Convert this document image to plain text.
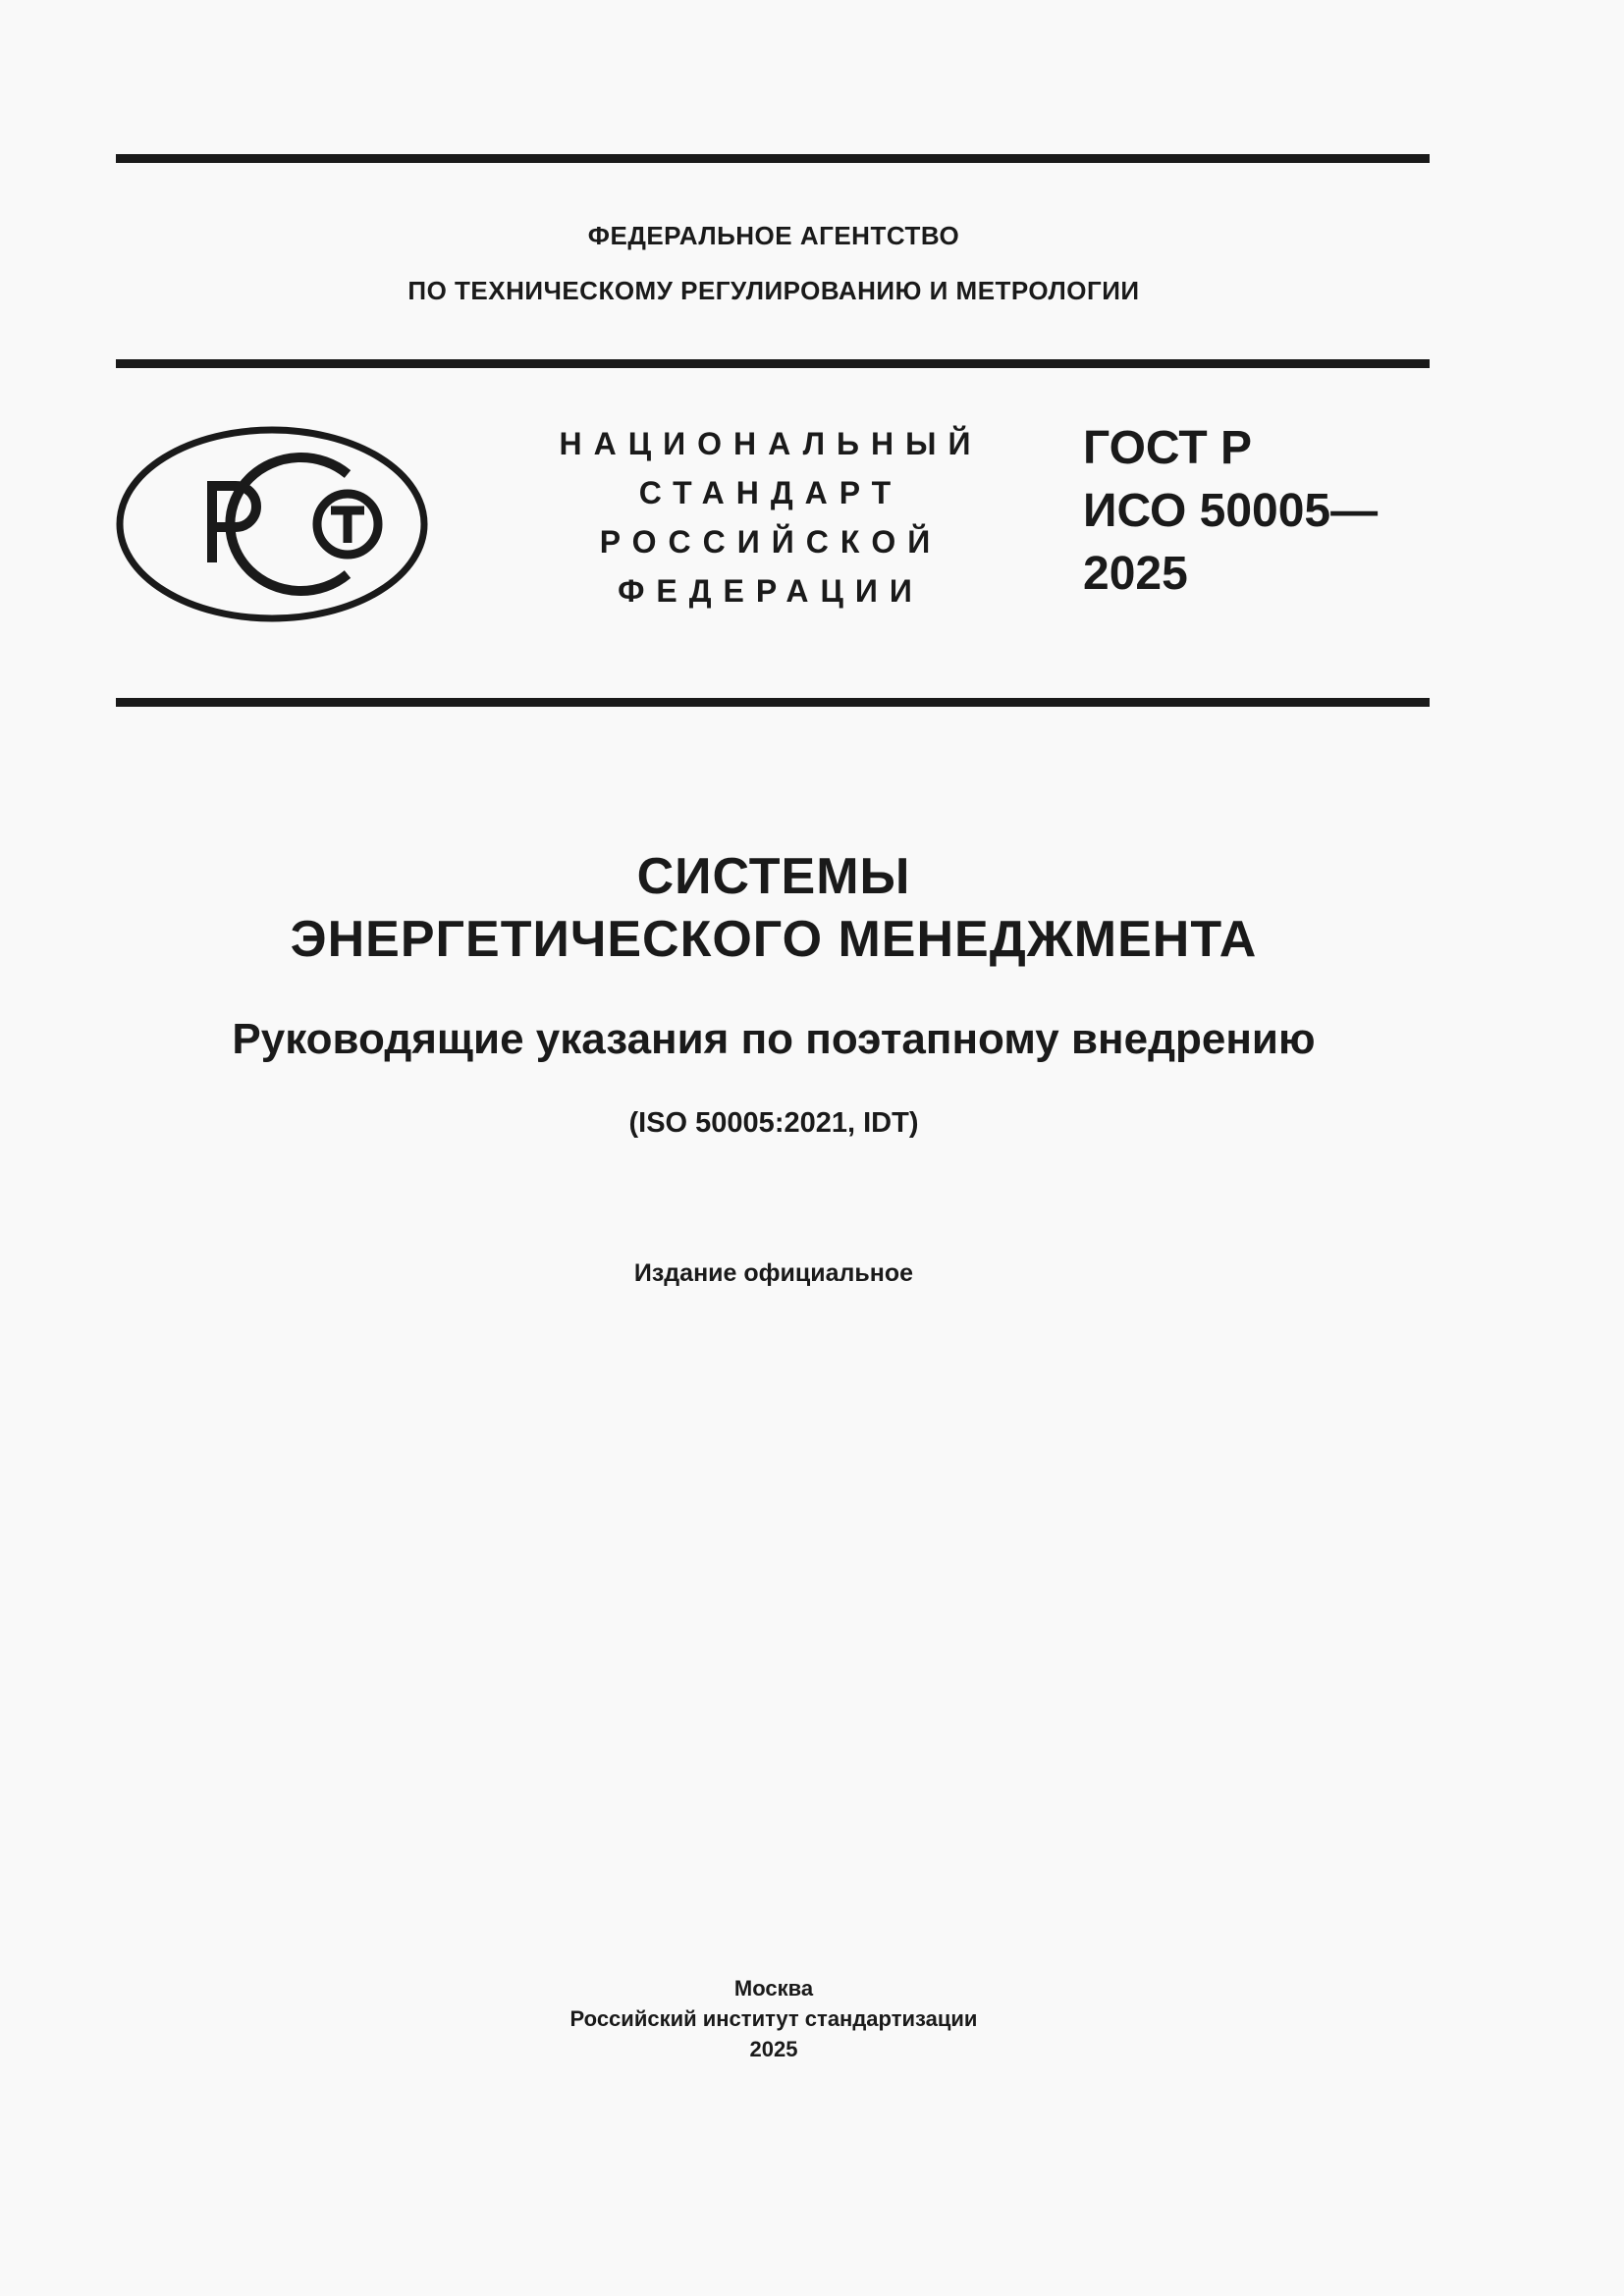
ФЕДЕРАЛЬНОЕ АГЕНТСТВО
ПО ТЕХНИЧЕСКОМУ РЕГУЛИРОВАНИЮ И МЕТРОЛОГИИ
НАЦИОНАЛЬНЫЙ
СТАНДАРТ
РОССИЙСКОЙ
ФЕДЕРАЦИИ
ГОСТ Р
ИСО 50005—
2025
СИСТЕМЫ
ЭНЕРГЕТИЧЕСКОГО МЕНЕДЖМЕНТА
Руководящие указания по поэтапному внедрению
(ISO 50005:2021, IDT)
Издание официальное
Москва
Российский институт стандартизации
2025
